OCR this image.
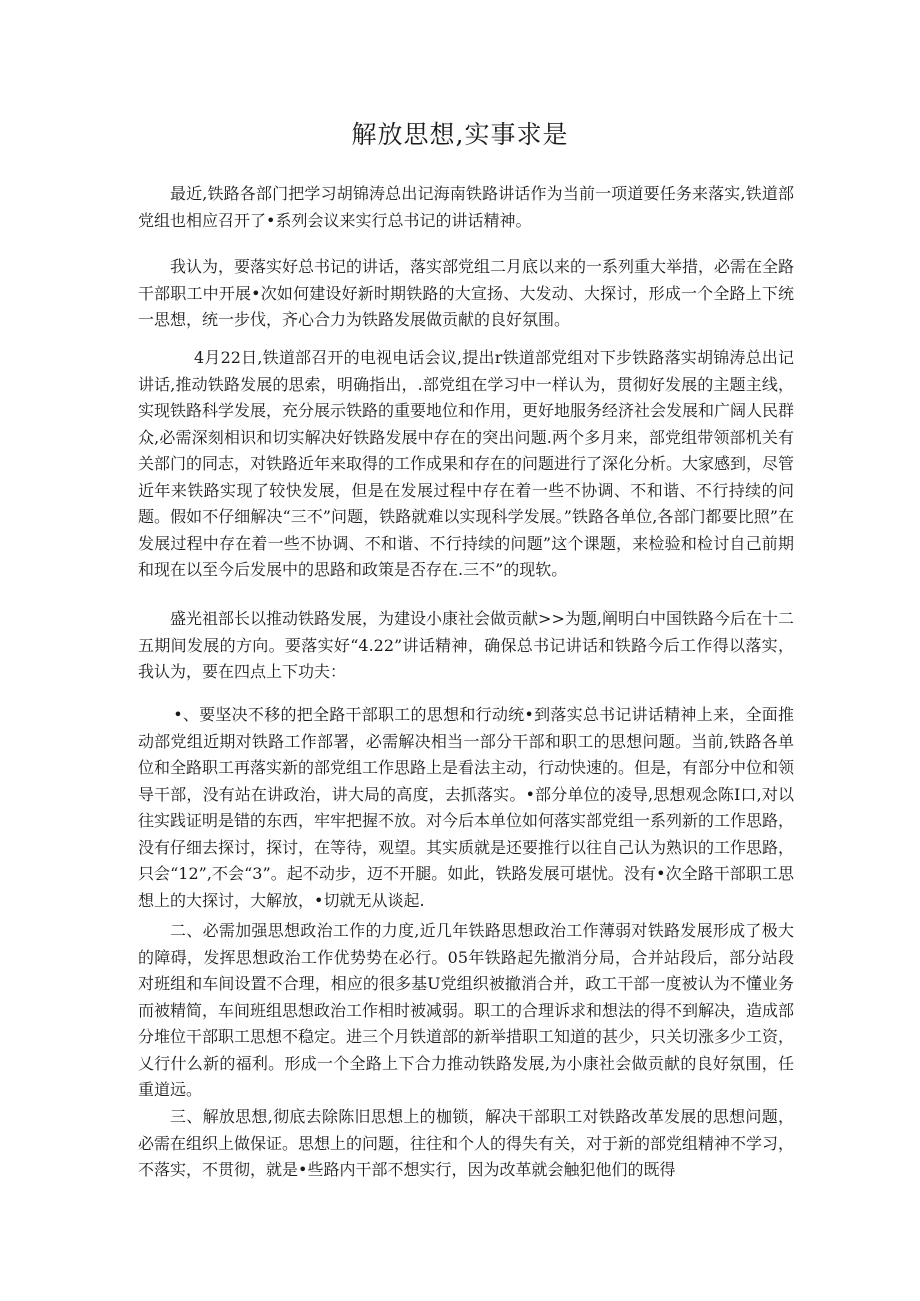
解放思想,实事求是

最近,铁路各部门把学习胡锦涛总出记海南铁路讲话作为当前一项道要任务来落实,铁道部党组也相应召开了•系列会议来实行总书记的讲话精神。

我认为，要落实好总书记的讲话，落实部党组二月底以来的一系列重大举措，必需在全路干部职工中开展•次如何建设好新时期铁路的大宣扬、大发动、大探讨，形成一个全路上下统一思想，统一步伐，齐心合力为铁路发展做贡献的良好氛围。

4月22日,铁道部召开的电视电话会议,提出r铁道部党组对下步铁路落实胡锦涛总出记讲话,推动铁路发展的思索，明确指出，.部党组在学习中一样认为，贯彻好发展的主题主线，实现铁路科学发展，充分展示铁路的重要地位和作用，更好地服务经济社会发展和广阔人民群众,必需深刻相识和切实解决好铁路发展中存在的突出问题.两个多月来，部党组带领部机关有关部门的同志，对铁路近年来取得的工作成果和存在的问题进行了深化分析。大家感到，尽管近年来铁路实现了较快发展，但是在发展过程中存在着一些不协调、不和谐、不行持续的问题。假如不仔细解决“三不”问题，铁路就难以实现科学发展。”铁路各单位,各部门都要比照”在发展过程中存在着一些不协调、不和谐、不行持续的问题”这个课题，来检验和检讨自己前期和现在以至今后发展中的思路和政策是否存在.三不”的现软。

盛光祖部长以推动铁路发展，为建设小康社会做贡献>>为题,阐明白中国铁路今后在十二五期间发展的方向。要落实好“4.22”讲话精神，确保总书记讲话和铁路今后工作得以落实，我认为，要在四点上下功夫：

•、要坚决不移的把全路干部职工的思想和行动统•到落实总书记讲话精神上来，全面推动部党组近期对铁路工作部署，必需解决相当一部分干部和职工的思想问题。当前,铁路各单位和全路职工再落实新的部党组工作思路上是看法主动，行动快速的。但是，有部分中位和领导干部，没有站在讲政治，讲大局的高度，去抓落实。•部分单位的凌导,思想观念陈I口,对以往实践证明是错的东西，牢牢把握不放。对今后本单位如何落实部党组一系列新的工作思路，没有仔细去探讨，探讨，在等待，观望。其实质就是还要推行以往自己认为熟识的工作思路，只会“12”,不会“3”。起不动步，迈不开腿。如此，铁路发展可堪忧。没有•次全路干部职工思想上的大探讨，大解放，•切就无从谈起.

二、必需加强思想政治工作的力度,近几年铁路思想政治工作薄弱对铁路发展形成了极大的障碍，发挥思想政治工作优势势在必行。05年铁路起先撤消分局，合并站段后，部分站段对班组和车间设置不合理，相应的很多基U党组织被撤消合并，政工干部一度被认为不懂业务而被精简，车间班组思想政治工作相时被减弱。职工的合理诉求和想法的得不到解决，造成部分堆位干部职工思想不稳定。进三个月铁道部的新举措职工知道的甚少，只关切涨多少工资，乂行什么新的福利。形成一个全路上下合力推动铁路发展,为小康社会做贡献的良好氛围，任重道远。

三、解放思想,彻底去除陈旧思想上的枷锁，解决干部职工对铁路改革发展的思想问题，必需在组织上做保证。思想上的问题，往往和个人的得失有关，对于新的部党组精神不学习，不落实，不贯彻，就是•些路内干部不想实行，因为改革就会触犯他们的既得
